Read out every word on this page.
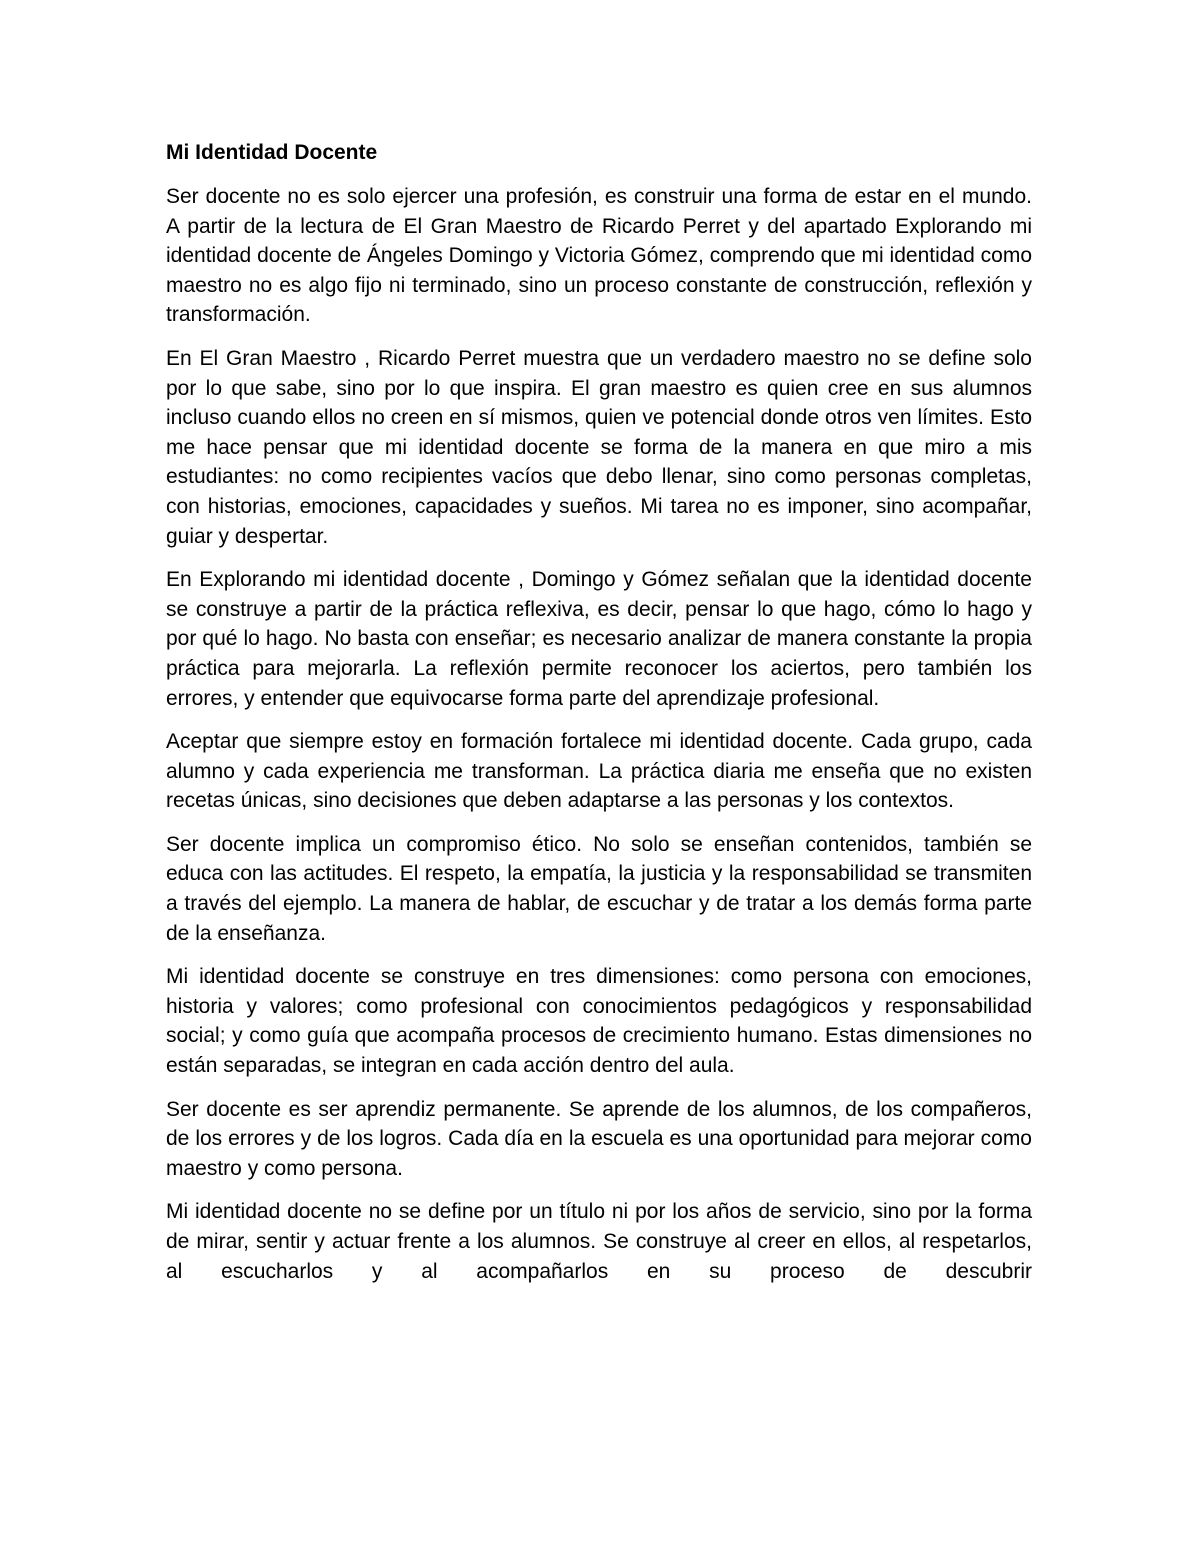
Mi Identidad Docente

Ser docente no es solo ejercer una profesión, es construir una forma de estar en el mundo. A partir de la lectura de El Gran Maestro de Ricardo Perret y del apartado Explorando mi identidad docente de Ángeles Domingo y Victoria Gómez, comprendo que mi identidad como maestro no es algo fijo ni terminado, sino un proceso constante de construcción, reflexión y transformación.

En El Gran Maestro , Ricardo Perret muestra que un verdadero maestro no se define solo por lo que sabe, sino por lo que inspira. El gran maestro es quien cree en sus alumnos incluso cuando ellos no creen en sí mismos, quien ve potencial donde otros ven límites. Esto me hace pensar que mi identidad docente se forma de la manera en que miro a mis estudiantes: no como recipientes vacíos que debo llenar, sino como personas completas, con historias, emociones, capacidades y sueños. Mi tarea no es imponer, sino acompañar, guiar y despertar.

En Explorando mi identidad docente , Domingo y Gómez señalan que la identidad docente se construye a partir de la práctica reflexiva, es decir, pensar lo que hago, cómo lo hago y por qué lo hago. No basta con enseñar; es necesario analizar de manera constante la propia práctica para mejorarla. La reflexión permite reconocer los aciertos, pero también los errores, y entender que equivocarse forma parte del aprendizaje profesional.

Aceptar que siempre estoy en formación fortalece mi identidad docente. Cada grupo, cada alumno y cada experiencia me transforman. La práctica diaria me enseña que no existen recetas únicas, sino decisiones que deben adaptarse a las personas y los contextos.

Ser docente implica un compromiso ético. No solo se enseñan contenidos, también se educa con las actitudes. El respeto, la empatía, la justicia y la responsabilidad se transmiten a través del ejemplo. La manera de hablar, de escuchar y de tratar a los demás forma parte de la enseñanza.

Mi identidad docente se construye en tres dimensiones: como persona con emociones, historia y valores; como profesional con conocimientos pedagógicos y responsabilidad social; y como guía que acompaña procesos de crecimiento humano. Estas dimensiones no están separadas, se integran en cada acción dentro del aula.

Ser docente es ser aprendiz permanente. Se aprende de los alumnos, de los compañeros, de los errores y de los logros. Cada día en la escuela es una oportunidad para mejorar como maestro y como persona.

Mi identidad docente no se define por un título ni por los años de servicio, sino por la forma de mirar, sentir y actuar frente a los alumnos. Se construye al creer en ellos, al respetarlos, al escucharlos y al acompañarlos en su proceso de descubrir
